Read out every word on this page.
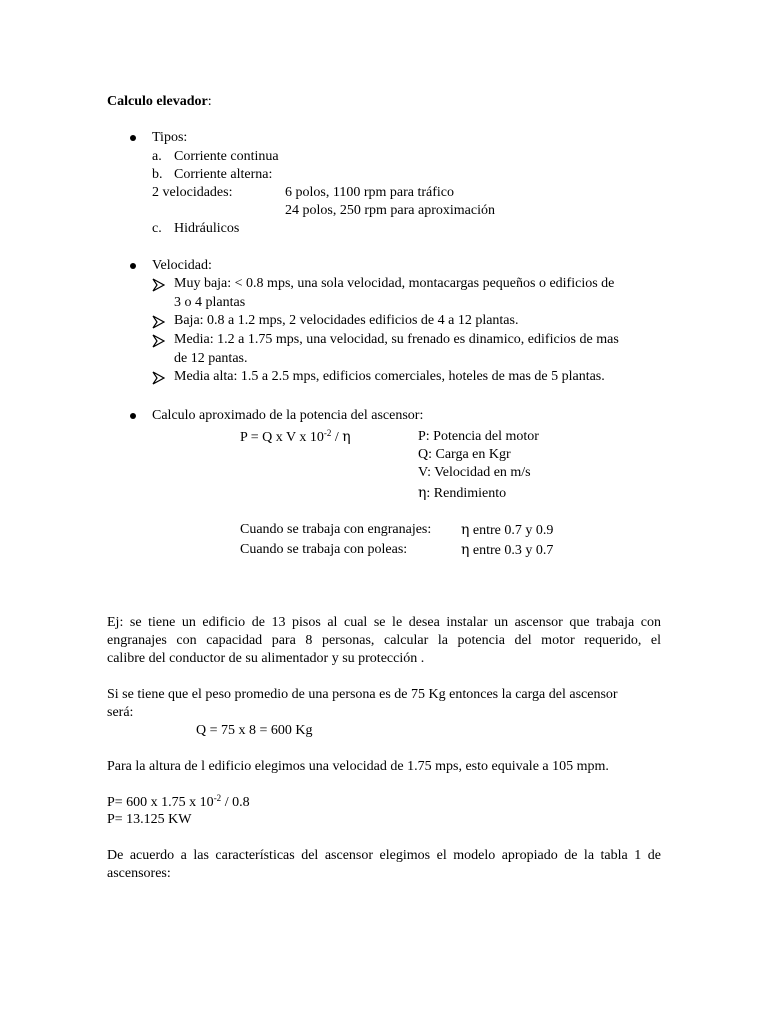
Calculo elevador:
Tipos:
a. Corriente continua
b. Corriente alterna:
2 velocidades:	6 polos, 1100 rpm para tráfico
24 polos, 250 rpm para aproximación
c. Hidráulicos
Velocidad:
Muy baja: < 0.8 mps, una sola velocidad, montacargas pequeños o edificios de
3 o 4 plantas
Baja: 0.8 a 1.2 mps, 2 velocidades edificios de 4 a 12 plantas.
Media: 1.2 a 1.75 mps, una velocidad, su frenado es dinamico, edificios de mas
de 12 pantas.
Media alta: 1.5 a 2.5 mps, edificios comerciales, hoteles de mas de 5 plantas.
Calculo aproximado de la potencia del ascensor:
P = Q x V x $10^{-2}$ / η	P: Potencia del motor
Q: Carga en Kgr
V: Velocidad en m/s
η: Rendimiento
Cuando se trabaja con engranajes: η entre 0.7 y 0.9
Cuando se trabaja con poleas:	η entre 0.3 y 0.7
Ej: se tiene un edificio de 13 pisos al cual se le desea instalar un ascensor que trabaja con
engranajes con capacidad para 8 personas, calcular la potencia del motor requerido, el
calibre del conductor de su alimentador y su protección .
Si se tiene que el peso promedio de una persona es de 75 Kg entonces la carga del ascensor
será:
Q = 75 x 8 = 600 Kg
Para la altura de l edificio elegimos una velocidad de 1.75 mps, esto equivale a 105 mpm.
P= 600 x 1.75 x $10^{-2} / 0.8$
P= 13.125 KW
De acuerdo a las características del ascensor elegimos el modelo apropiado de la tabla 1 de
ascensores:
